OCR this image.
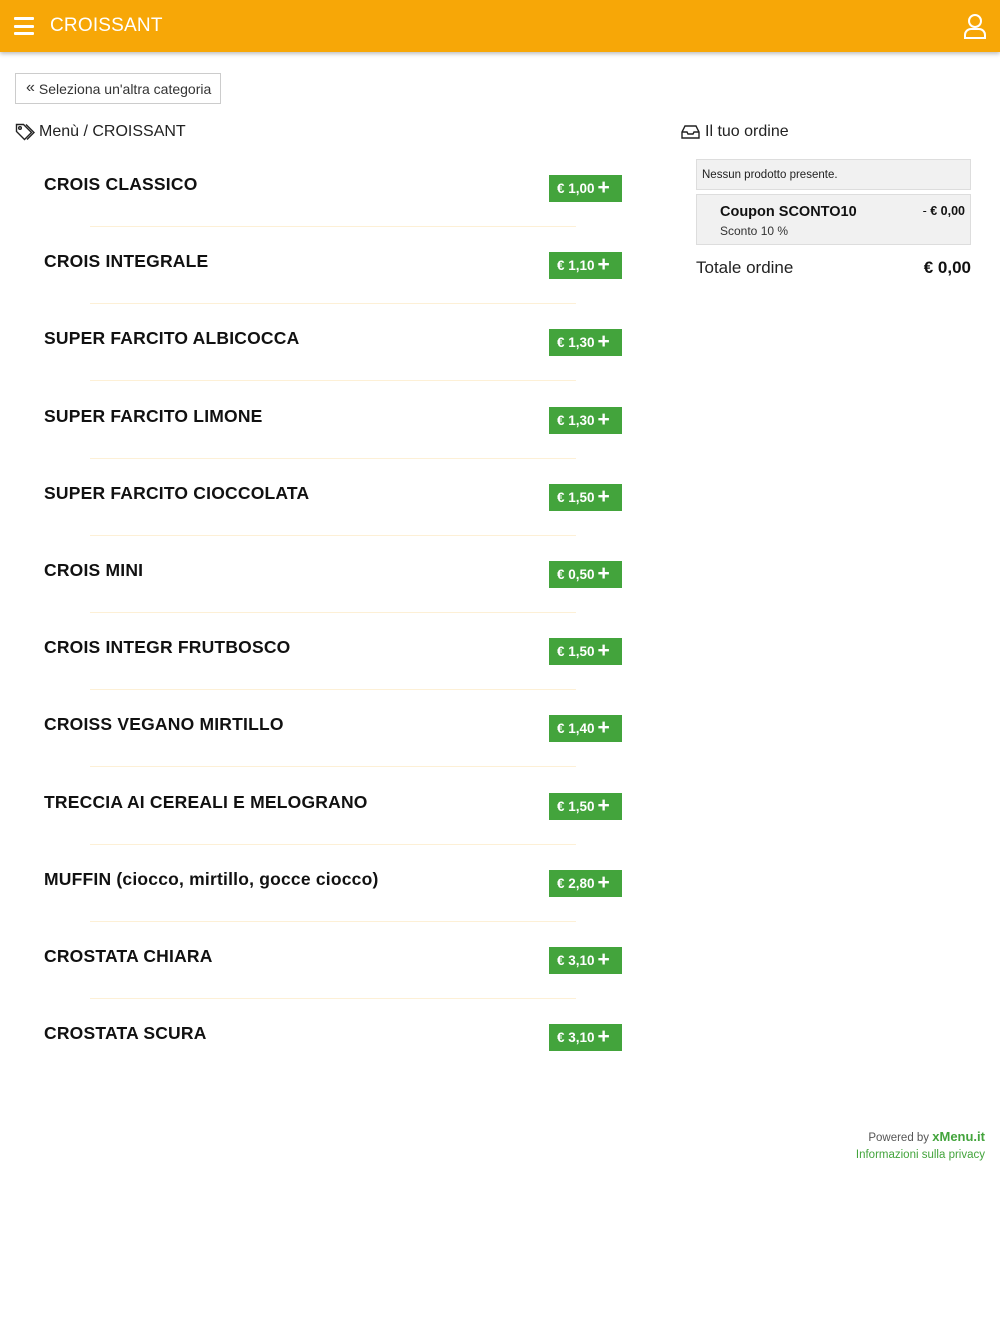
CROISSANT
« Seleziona un'altra categoria
Menù / CROISSANT	Il tuo ordine
CROIS CLASSICO	€ 1,00 +
CROIS INTEGRALE	€ 1,10 +
SUPER FARCITO ALBICOCCA	€ 1,30 +
SUPER FARCITO LIMONE	€ 1,30 +
SUPER FARCITO CIOCCOLATA	€ 1,50 +
CROIS MINI	€ 0,50 +
CROIS INTEGR FRUTBOSCO	€ 1,50 +
CROISS VEGANO MIRTILLO	€ 1,40 +
TRECCIA AI CEREALI E MELOGRANO	€ 1,50 +
MUFFIN (ciocco, mirtillo, gocce ciocco)	€ 2,80 +
CROSTATA CHIARA	€ 3,10 +
CROSTATA SCURA	€ 3,10 +
Nessun prodotto presente.
Coupon SCONTO10
Sconto 10 %
- € 0,00
Totale ordine	€ 0,00
Powered by xMenu.it
Informazioni sulla privacy
